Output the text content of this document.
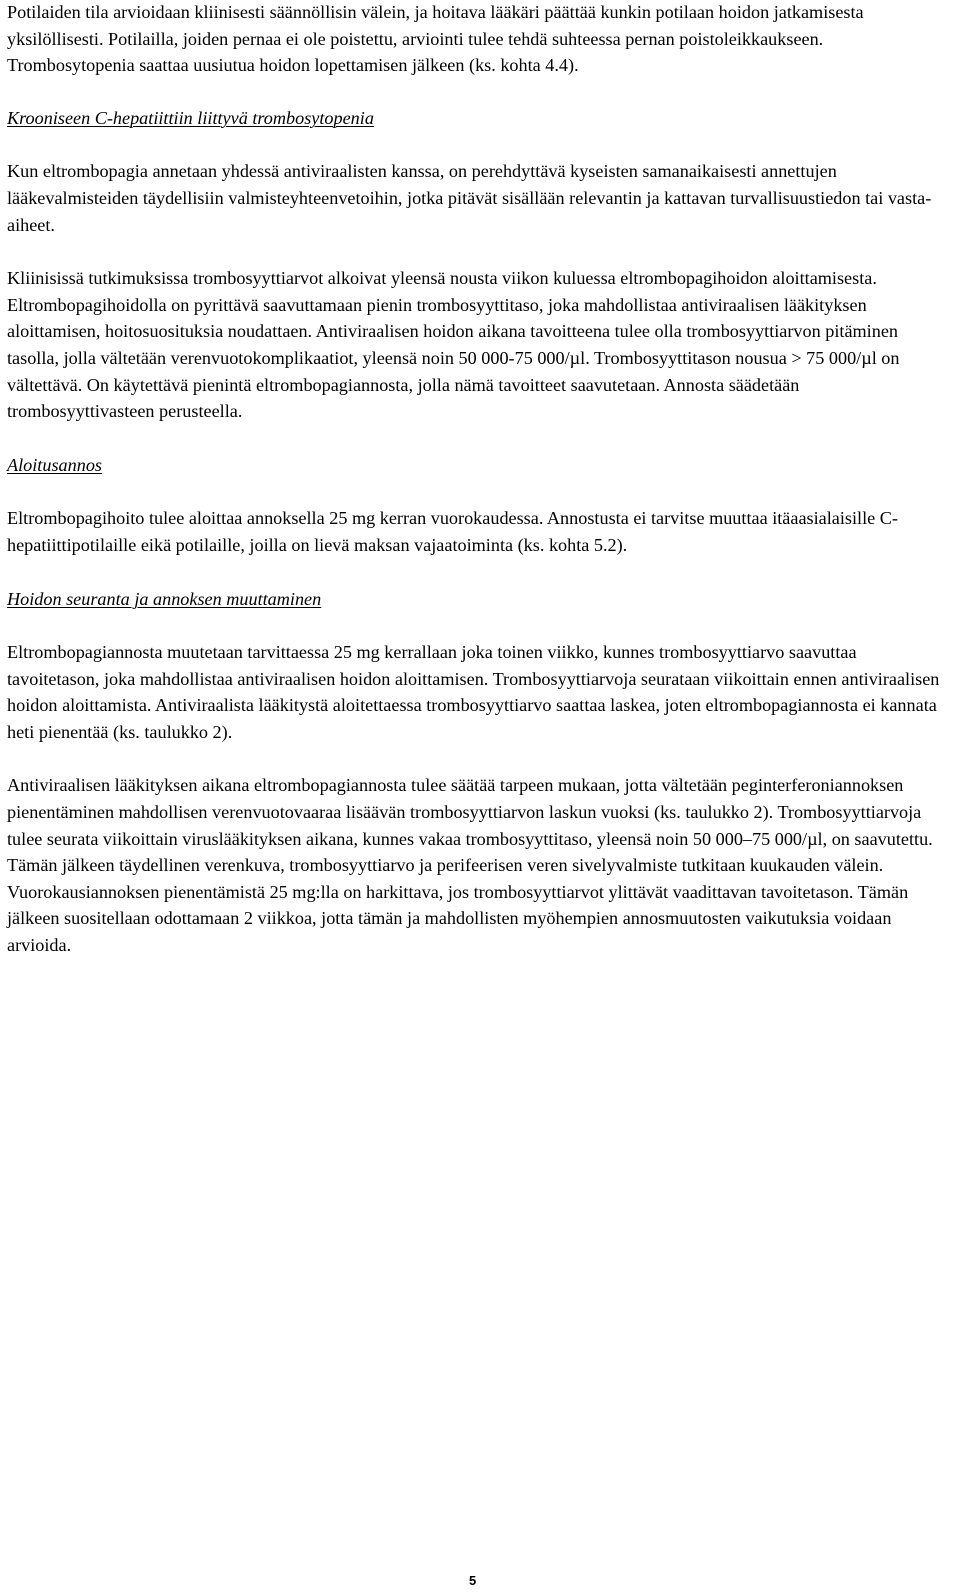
Potilaiden tila arvioidaan kliinisesti säännöllisin välein, ja hoitava lääkäri päättää kunkin potilaan hoidon jatkamisesta yksilöllisesti. Potilailla, joiden pernaa ei ole poistettu, arviointi tulee tehdä suhteessa pernan poistoleikkaukseen. Trombosytopenia saattaa uusiutua hoidon lopettamisen jälkeen (ks. kohta 4.4).

Krooniseen C-hepatiittiin liittyvä trombosytopenia

Kun eltrombopagia annetaan yhdessä antiviraalisten kanssa, on perehdyttävä kyseisten samanaikaisesti annettujen lääkevalmisteiden täydellisiin valmisteyhteenvetoihin, jotka pitävät sisällään relevantin ja kattavan turvallisuustiedon tai vasta-aiheet.

Kliinisissä tutkimuksissa trombosyyttiarvot alkoivat yleensä nousta viikon kuluessa eltrombopagihoidon aloittamisesta. Eltrombopagihoidolla on pyrittävä saavuttamaan pienin trombosyyttitaso, joka mahdollistaa antiviraalisen lääkityksen aloittamisen, hoitosuosituksia noudattaen. Antiviraalisen hoidon aikana tavoitteena tulee olla trombosyyttiarvon pitäminen tasolla, jolla vältetään verenvuotokomplikaatiot, yleensä noin 50 000-75 000/µl. Trombosyyttitason nousua > 75 000/µl on vältettävä. On käytettävä pienintä eltrombopagiannosta, jolla nämä tavoitteet saavutetaan. Annosta säädetään trombosyyttivasteen perusteella.

Aloitusannos

Eltrombopagihoito tulee aloittaa annoksella 25 mg kerran vuorokaudessa. Annostusta ei tarvitse muuttaa itäaasialaisille C-hepatiittipotilaille eikä potilaille, joilla on lievä maksan vajaatoiminta (ks. kohta 5.2).

Hoidon seuranta ja annoksen muuttaminen

Eltrombopagiannosta muutetaan tarvittaessa 25 mg kerrallaan joka toinen viikko, kunnes trombosyyttiarvo saavuttaa tavoitetason, joka mahdollistaa antiviraalisen hoidon aloittamisen. Trombosyyttiarvoja seurataan viikoittain ennen antiviraalisen hoidon aloittamista. Antiviraalista lääkitystä aloitettaessa trombosyyttiarvo saattaa laskea, joten eltrombopagiannosta ei kannata heti pienentää (ks. taulukko 2).

Antiviraalisen lääkityksen aikana eltrombopagiannosta tulee säätää tarpeen mukaan, jotta vältetään peginterferoniannoksen pienentäminen mahdollisen verenvuotovaaraa lisäävän trombosyyttiarvon laskun vuoksi (ks. taulukko 2). Trombosyyttiarvoja tulee seurata viikoittain viruslääkityksen aikana, kunnes vakaa trombosyyttitaso, yleensä noin 50 000–75 000/µl, on saavutettu. Tämän jälkeen täydellinen verenkuva, trombosyyttiarvo ja perifeerisen veren sivelyvalmiste tutkitaan kuukauden välein. Vuorokausiannoksen pienentämistä 25 mg:lla on harkittava, jos trombosyyttiarvot ylittävät vaadittavan tavoitetason. Tämän jälkeen suositellaan odottamaan 2 viikkoa, jotta tämän ja mahdollisten myöhempien annosmuutosten vaikutuksia voidaan arvioida.

5
